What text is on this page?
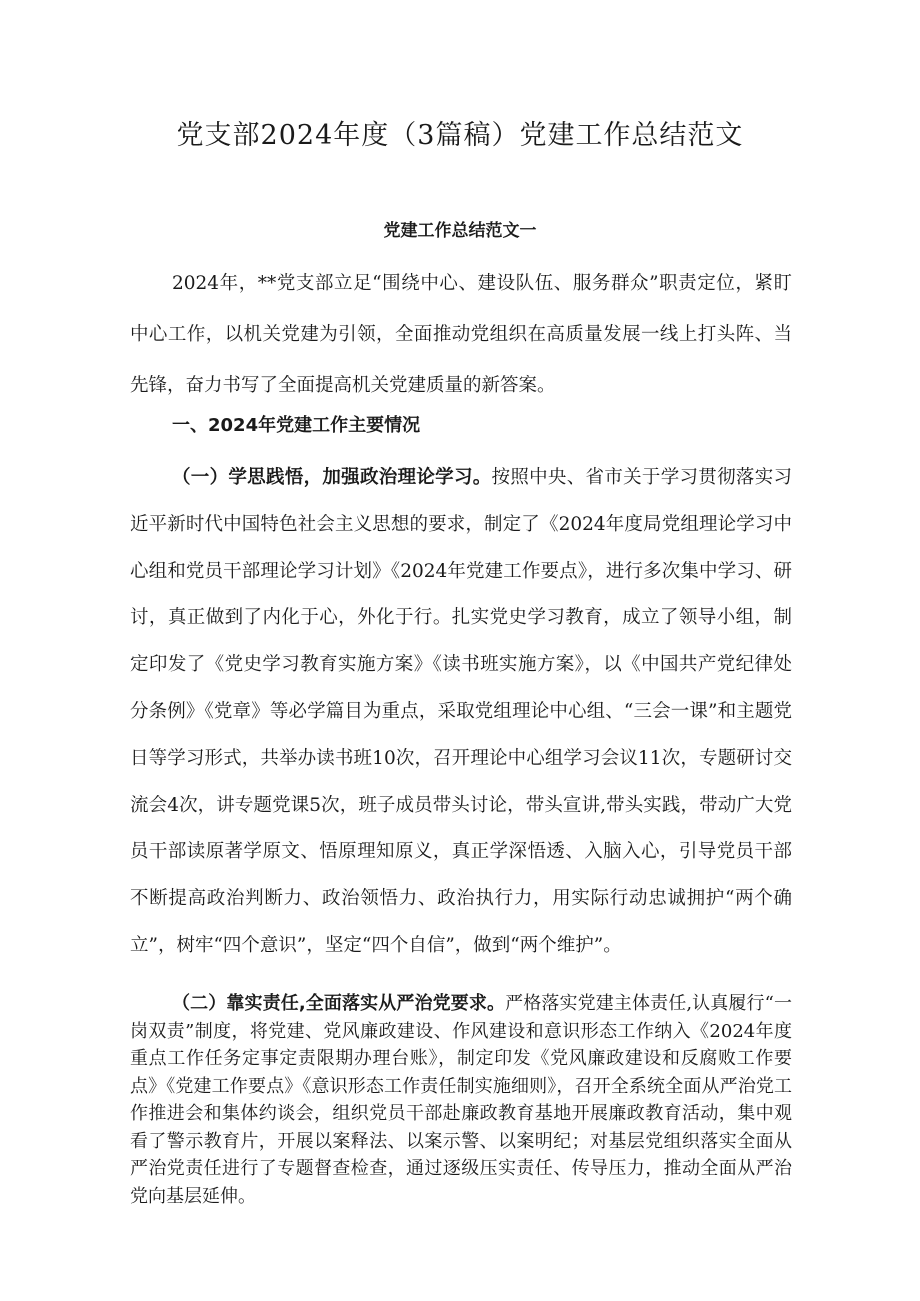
党支部2024年度（3篇稿）党建工作总结范文
党建工作总结范文一

2024年，**党支部立足“围绕中心、建设队伍、服务群众”职责定位，紧盯中心工作，以机关党建为引领，全面推动党组织在高质量发展一线上打头阵、当先锋，奋力书写了全面提高机关党建质量的新答案。

一、2024年党建工作主要情况

（一）学思践悟，加强政治理论学习。按照中央、省市关于学习贯彻落实习近平新时代中国特色社会主义思想的要求，制定了《2024年度局党组理论学习中心组和党员干部理论学习计划》《2024年党建工作要点》，进行多次集中学习、研讨，真正做到了内化于心，外化于行。扎实党史学习教育，成立了领导小组，制定印发了《党史学习教育实施方案》《读书班实施方案》，以《中国共产党纪律处分条例》《党章》等必学篇目为重点，采取党组理论中心组、“三会一课”和主题党日等学习形式，共举办读书班10次，召开理论中心组学习会议11次，专题研讨交流会4次，讲专题党课5次，班子成员带头讨论，带头宣讲,带头实践，带动广大党员干部读原著学原文、悟原理知原义，真正学深悟透、入脑入心，引导党员干部不断提高政治判断力、政治领悟力、政治执行力，用实际行动忠诚拥护“两个确立”，树牢“四个意识”，坚定“四个自信”，做到“两个维护”。

（二）靠实责任,全面落实从严治党要求。严格落实党建主体责任,认真履行“一岗双责”制度，将党建、党风廉政建设、作风建设和意识形态工作纳入《2024年度重点工作任务定事定责限期办理台账》，制定印发《党风廉政建设和反腐败工作要点》《党建工作要点》《意识形态工作责任制实施细则》，召开全系统全面从严治党工作推进会和集体约谈会，组织党员干部赴廉政教育基地开展廉政教育活动，集中观看了警示教育片，开展以案释法、以案示警、以案明纪；对基层党组织落实全面从严治党责任进行了专题督查检查，通过逐级压实责任、传导压力，推动全面从严治党向基层延伸。
